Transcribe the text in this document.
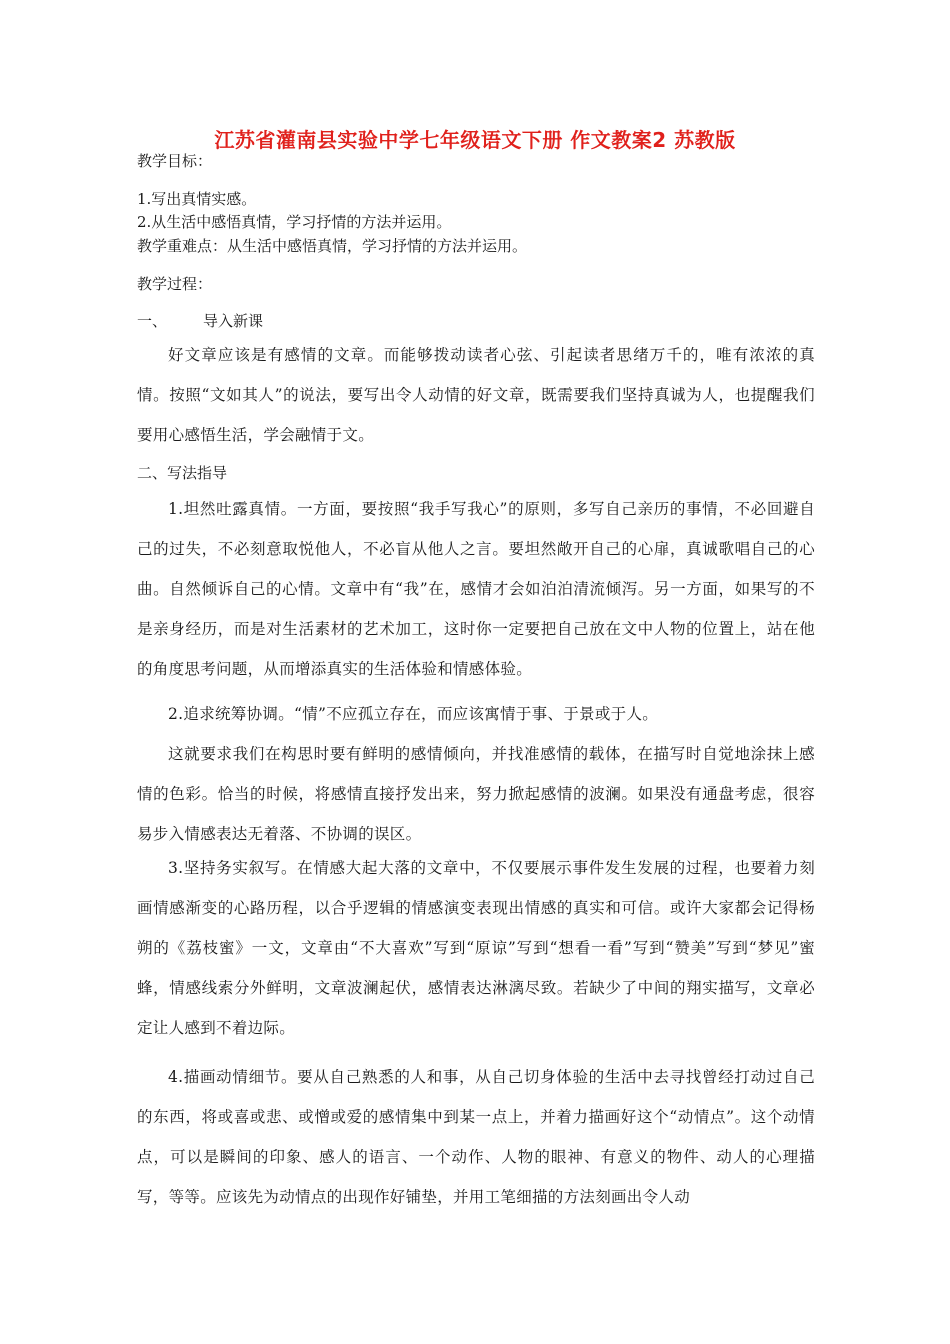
江苏省灌南县实验中学七年级语文下册 作文教案2 苏教版
教学目标：
1.写出真情实感。
2.从生活中感悟真情，学习抒情的方法并运用。
教学重难点：从生活中感悟真情，学习抒情的方法并运用。
教学过程：
一、 导入新课
好文章应该是有感情的文章。而能够拨动读者心弦、引起读者思绪万千的，唯有浓浓的真情。按照“文如其人”的说法，要写出令人动情的好文章，既需要我们坚持真诚为人，也提醒我们要用心感悟生活，学会融情于文。
二、写法指导
1.坦然吐露真情。一方面，要按照“我手写我心”的原则，多写自己亲历的事情，不必回避自己的过失，不必刻意取悦他人，不必盲从他人之言。要坦然敞开自己的心扉，真诚歌唱自己的心曲。自然倾诉自己的心情。文章中有“我”在，感情才会如泊泊清流倾泻。另一方面，如果写的不是亲身经历，而是对生活素材的艺术加工，这时你一定要把自己放在文中人物的位置上，站在他的角度思考问题，从而增添真实的生活体验和情感体验。
2.追求统筹协调。“情”不应孤立存在，而应该寓情于事、于景或于人。
这就要求我们在构思时要有鲜明的感情倾向，并找准感情的载体，在描写时自觉地涂抹上感情的色彩。恰当的时候，将感情直接抒发出来，努力掀起感情的波澜。如果没有通盘考虑，很容易步入情感表达无着落、不协调的误区。
3.坚持务实叙写。在情感大起大落的文章中，不仅要展示事件发生发展的过程，也要着力刻画情感渐变的心路历程，以合乎逻辑的情感演变表现出情感的真实和可信。或许大家都会记得杨朔的《荔枝蜜》一文，文章由“不大喜欢”写到“原谅”写到“想看一看”写到“赞美”写到“梦见”蜜蜂，情感线索分外鲜明，文章波澜起伏，感情表达淋漓尽致。若缺少了中间的翔实描写，文章必定让人感到不着边际。
4.描画动情细节。要从自己熟悉的人和事，从自己切身体验的生活中去寻找曾经打动过自己的东西，将或喜或悲、或憎或爱的感情集中到某一点上，并着力描画好这个“动情点”。这个动情点，可以是瞬间的印象、感人的语言、一个动作、人物的眼神、有意义的物件、动人的心理描写，等等。应该先为动情点的出现作好铺垫，并用工笔细描的方法刻画出令人动
